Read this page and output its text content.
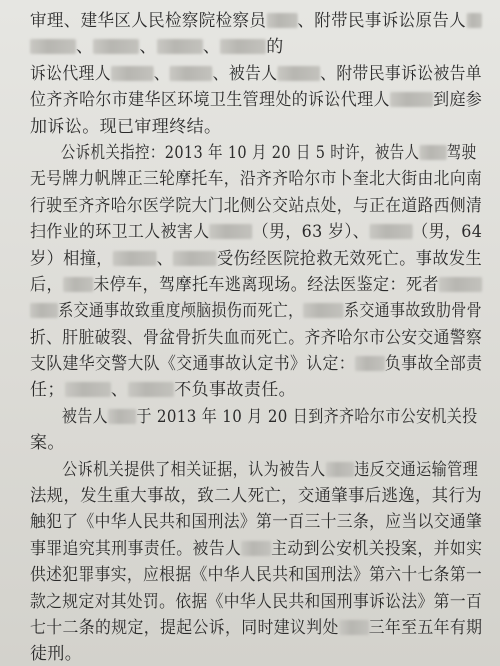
审理、建华区人民检察院检察员 、附带民事诉讼原告人
、	、	、	的
诉讼代理人	、	、被告人	、附带民事诉讼被告单
位齐齐哈尔市建华区环境卫生管理处的诉讼代理人	到庭参
加诉讼。现已审理终结。
公诉机关指控：2013 年 10 月 20 日 5 时许，被告人 驾驶
无号牌力帆牌正三轮摩托车，沿齐齐哈尔市卜奎北大街由北向南
行驶至齐齐哈尔医学院大门北侧公交站点处，与正在道路西侧清
扫作业的环卫工人被害人	（男，63 岁）、	（男，64
岁）相撞，	、	受伤经医院抢救无效死亡。事故发生
后， 未停车，驾摩托车逃离现场。经法医鉴定：死者
系交通事故致重度颅脑损伤而死亡， 系交通事故致肋骨骨
折、肝脏破裂、骨盆骨折失血而死亡。齐齐哈尔市公安交通警察
支队建华交警大队《交通事故认定书》认定： 负事故全部责
任；	、	不负事故责任。
被告人 于 2013 年 10 月 20 日到齐齐哈尔市公安机关投
案。
公诉机关提供了相关证据，认为被告人 违反交通运输管理
法规，发生重大事故，致二人死亡，交通肇事后逃逸，其行为
触犯了《中华人民共和国刑法》第一百三十三条，应当以交通肇
事罪追究其刑事责任。被告人 主动到公安机关投案，并如实
供述犯罪事实，应根据《中华人民共和国刑法》第六十七条第一
款之规定对其处罚。依据《中华人民共和国刑事诉讼法》第一百
七十二条的规定，提起公诉，同时建议判处 三年至五年有期
徒刑。
